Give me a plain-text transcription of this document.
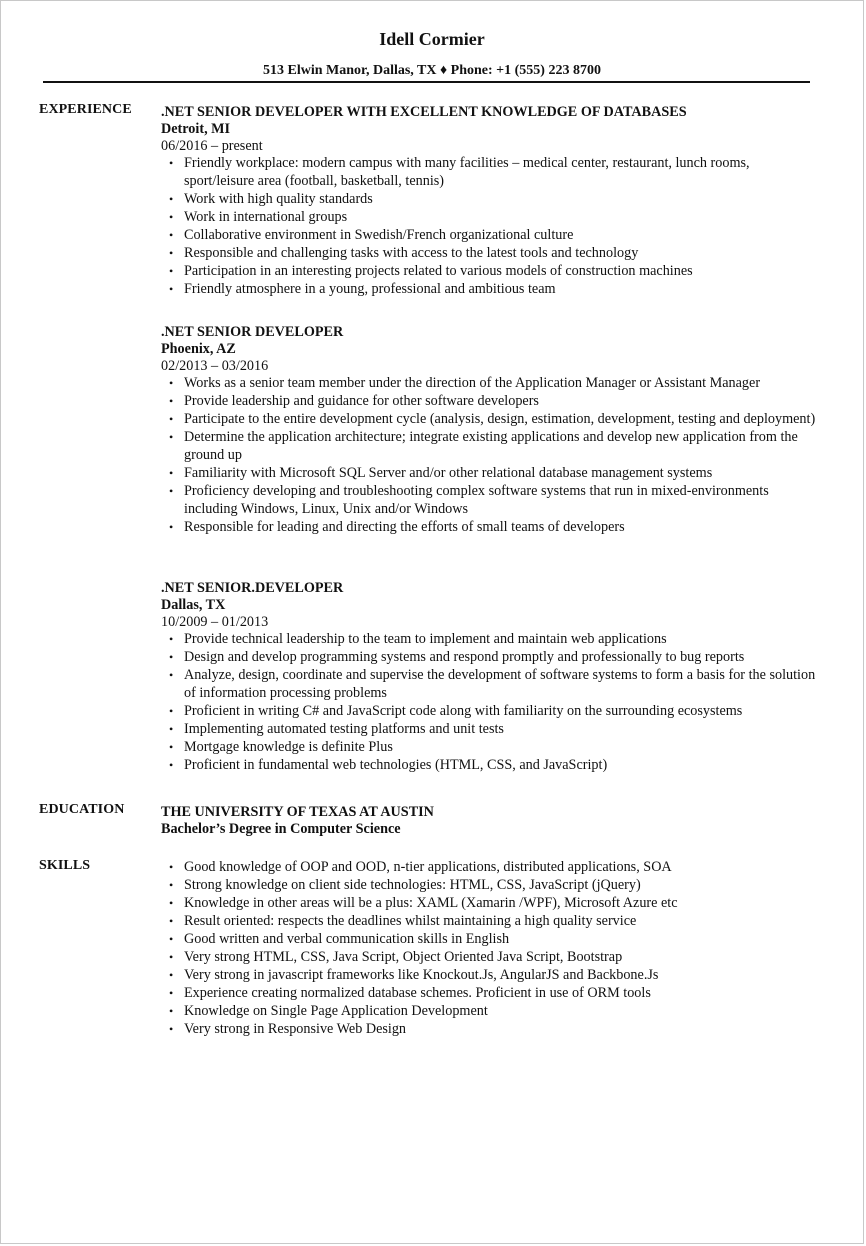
Idell Cormier
513 Elwin Manor, Dallas, TX ♦ Phone: +1 (555) 223 8700
EXPERIENCE .NET SENIOR DEVELOPER WITH EXCELLENT KNOWLEDGE OF DATABASES
Detroit, MI
06/2016 – present
• Friendly workplace: modern campus with many facilities – medical center, restaurant, lunch rooms, sport/leisure area (football, basketball, tennis)
• Work with high quality standards
• Work in international groups
• Collaborative environment in Swedish/French organizational culture
• Responsible and challenging tasks with access to the latest tools and technology
• Participation in an interesting projects related to various models of construction machines
• Friendly atmosphere in a young, professional and ambitious team
.NET SENIOR DEVELOPER
Phoenix, AZ
02/2013 – 03/2016
• Works as a senior team member under the direction of the Application Manager or Assistant Manager
• Provide leadership and guidance for other software developers
• Participate to the entire development cycle (analysis, design, estimation, development, testing and deployment)
• Determine the application architecture; integrate existing applications and develop new application from the ground up
• Familiarity with Microsoft SQL Server and/or other relational database management systems
• Proficiency developing and troubleshooting complex software systems that run in mixed-environments including Windows, Linux, Unix and/or Windows
• Responsible for leading and directing the efforts of small teams of developers
.NET SENIOR.DEVELOPER
Dallas, TX
10/2009 – 01/2013
• Provide technical leadership to the team to implement and maintain web applications
• Design and develop programming systems and respond promptly and professionally to bug reports
• Analyze, design, coordinate and supervise the development of software systems to form a basis for the solution of information processing problems
• Proficient in writing C# and JavaScript code along with familiarity on the surrounding ecosystems
• Implementing automated testing platforms and unit tests
• Mortgage knowledge is definite Plus
• Proficient in fundamental web technologies (HTML, CSS, and JavaScript)
EDUCATION	THE UNIVERSITY OF TEXAS AT AUSTIN
Bachelor’s Degree in Computer Science
SKILLS
•	Good knowledge of OOP and OOD, n-tier applications, distributed applications, SOA
• Strong knowledge on client side technologies: HTML, CSS, JavaScript (jQuery)
• Knowledge in other areas will be a plus: XAML (Xamarin /WPF), Microsoft Azure etc
• Result oriented: respects the deadlines whilst maintaining a high quality service
• Good written and verbal communication skills in English
• Very strong HTML, CSS, Java Script, Object Oriented Java Script, Bootstrap
• Very strong in javascript frameworks like Knockout.Js, AngularJS and Backbone.Js
• Experience creating normalized database schemes. Proficient in use of ORM tools
• Knowledge on Single Page Application Development
• Very strong in Responsive Web Design
